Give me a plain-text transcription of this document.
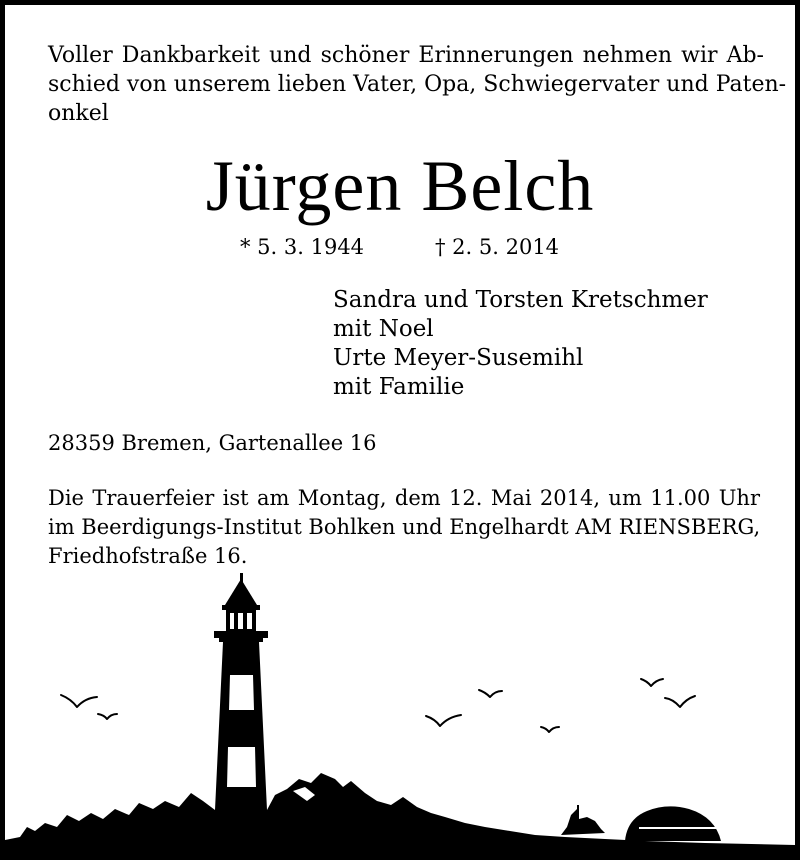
Voller Dankbarkeit und schöner Erinnerungen nehmen wir Ab-
schied von unserem lieben Vater, Opa, Schwiegervater und Paten-
onkel

Jürgen Belch
* 5. 3. 1944	† 2. 5. 2014
Sandra und Torsten Kretschmer
mit Noel
Urte Meyer-Susemihl
mit Familie

28359 Bremen, Gartenallee 16

Die Trauerfeier ist am Montag, dem 12. Mai 2014, um 11.00 Uhr
im Beerdigungs-Institut Bohlken und Engelhardt AM RIENSBERG,
Friedhofstraße 16.
